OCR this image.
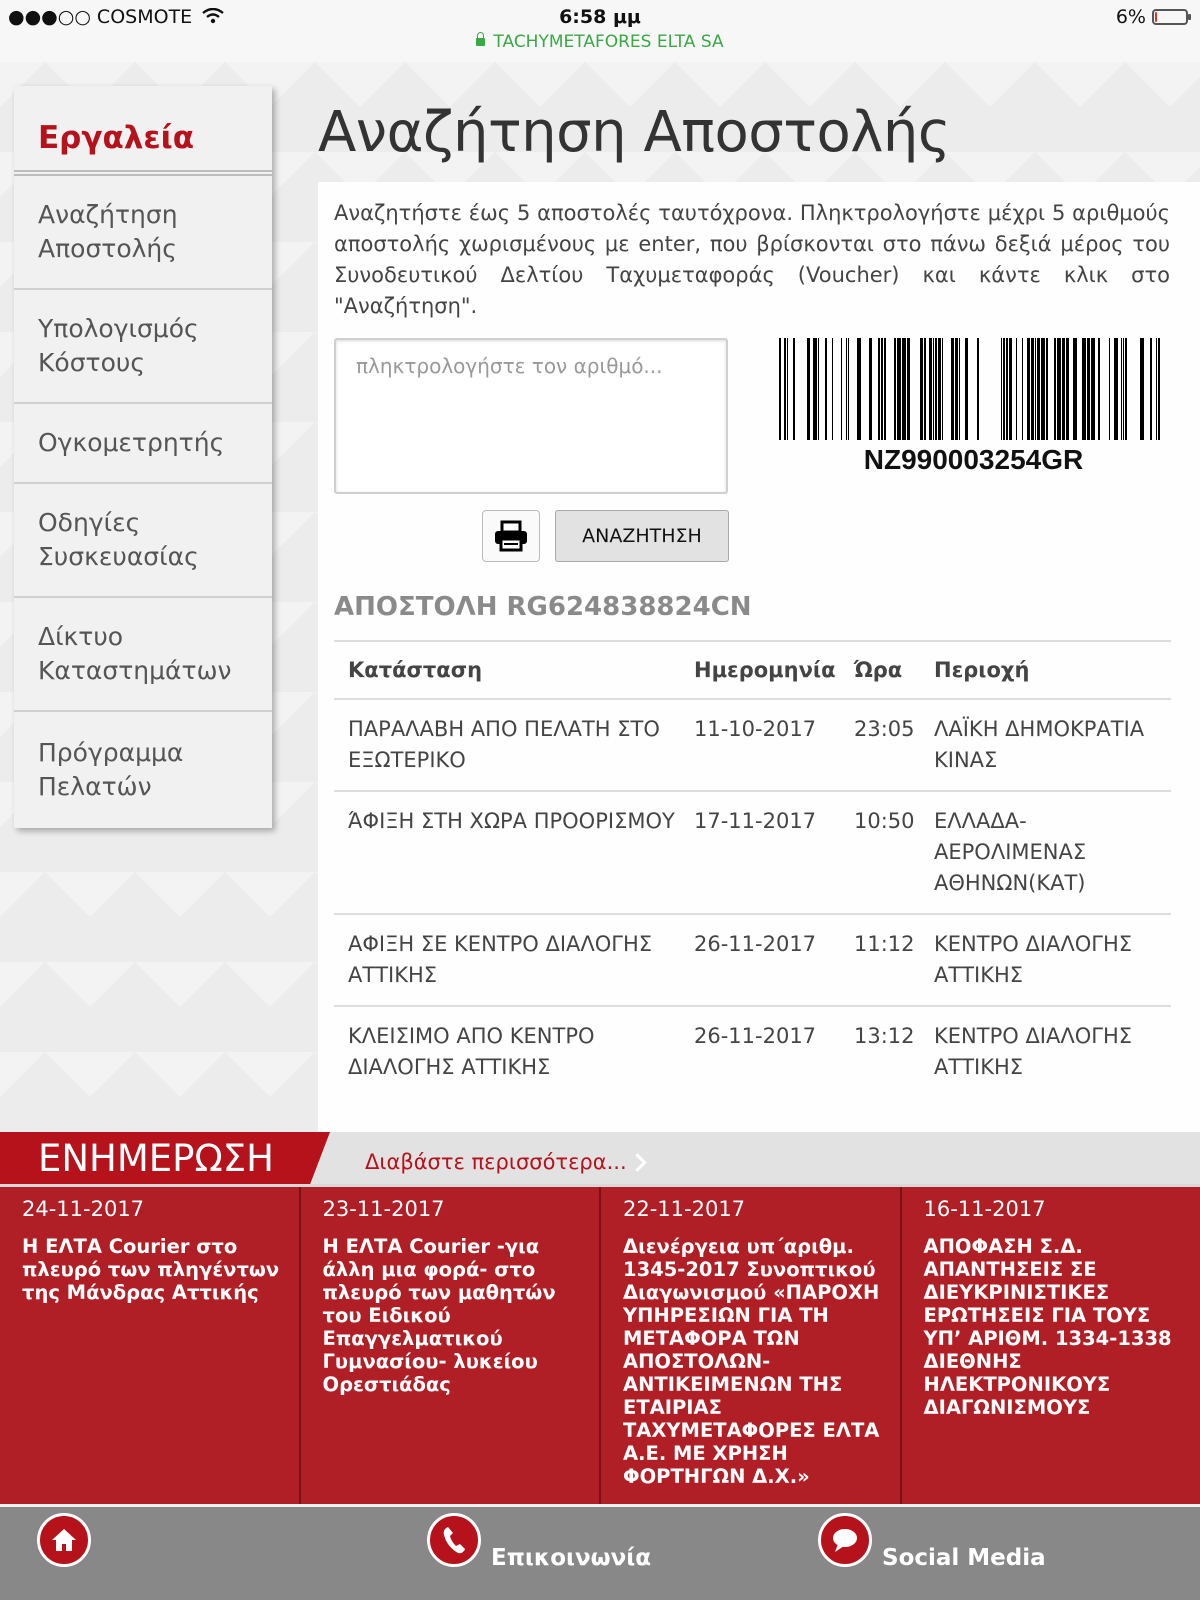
●●●○○ COSMOTE	6:58 μμ	6%
TACHYMETAFORES ELTA SA
Εργαλεία
Αναζήτηση Αποστολής
Υπολογισμός Κόστους
Ογκομετρητής
Οδηγίες Συσκευασίας
Δίκτυο Καταστημάτων
Πρόγραμμα Πελατών
Αναζήτηση Αποστολής
Αναζητήστε έως 5 αποστολές ταυτόχρονα. Πληκτρολογήστε μέχρι 5 αριθμούς αποστολής χωρισμένους με enter, που βρίσκονται στο πάνω δεξιά μέρος του Συνοδευτικού Δελτίου Ταχυμεταφοράς (Voucher) και κάντε κλικ στο "Αναζήτηση".
πληκτρολογήστε τον αριθμό...
ΑΝΑΖΗΤΗΣΗ
NZ990003254GR
ΑΠΟΣΤΟΛΗ RG624838824CN
Κατάσταση	Ημερομηνία	Ώρα	Περιοχή
ΠΑΡΑΛΑΒΗ ΑΠΟ ΠΕΛΑΤΗ ΣΤΟ ΕΞΩΤΕΡΙΚΟ	11-10-2017	23:05	ΛΑΪΚΗ ΔΗΜΟΚΡΑΤΙΑ ΚΙΝΑΣ
ΆΦΙΞΗ ΣΤΗ ΧΩΡΑ ΠΡΟΟΡΙΣΜΟΥ	17-11-2017	10:50	ΕΛΛΑΔΑ-ΑΕΡΟΛΙΜΕΝΑΣ ΑΘΗΝΩΝ(ΚΑΤ)
ΑΦΙΞΗ ΣΕ ΚΕΝΤΡΟ ΔΙΑΛΟΓΗΣ ΑΤΤΙΚΗΣ	26-11-2017	11:12	ΚΕΝΤΡΟ ΔΙΑΛΟΓΗΣ ΑΤΤΙΚΗΣ
ΚΛΕΙΣΙΜΟ ΑΠΟ ΚΕΝΤΡΟ ΔΙΑΛΟΓΗΣ ΑΤΤΙΚΗΣ	26-11-2017	13:12	ΚΕΝΤΡΟ ΔΙΑΛΟΓΗΣ ΑΤΤΙΚΗΣ
ΕΝΗΜΕΡΩΣΗ	Διαβάστε περισσότερα...
24-11-2017
Η ΕΛΤΑ Courier στο πλευρό των πληγέντων της Μάνδρας Αττικής
23-11-2017
Η ΕΛΤΑ Courier -για άλλη μια φορά- στο πλευρό των μαθητών του Ειδικού Επαγγελματικού Γυμνασίου- λυκείου Ορεστιάδας
22-11-2017
Διενέργεια υπ΄αριθμ. 1345-2017 Συνοπτικού Διαγωνισμού «ΠΑΡΟΧΗ ΥΠΗΡΕΣΙΩΝ ΓΙΑ ΤΗ ΜΕΤΑΦΟΡΑ ΤΩΝ ΑΠΟΣΤΟΛΩΝ-ΑΝΤΙΚΕΙΜΕΝΩΝ ΤΗΣ ΕΤΑΙΡΙΑΣ ΤΑΧΥΜΕΤΑΦΟΡΕΣ ΕΛΤΑ Α.Ε. ΜΕ ΧΡΗΣΗ ΦΟΡΤΗΓΩΝ Δ.Χ.»
16-11-2017
ΑΠΟΦΑΣΗ Σ.Δ. ΑΠΑΝΤΗΣΕΙΣ ΣΕ ΔΙΕΥΚΡΙΝΙΣΤΙΚΕΣ ΕΡΩΤΗΣΕΙΣ ΓΙΑ ΤΟΥΣ ΥΠ’ ΑΡΙΘΜ. 1334-1338 ΔΙΕΘΝΗΣ ΗΛΕΚΤΡΟΝΙΚΟΥΣ ΔΙΑΓΩΝΙΣΜΟΥΣ
Επικοινωνία	Social Media
